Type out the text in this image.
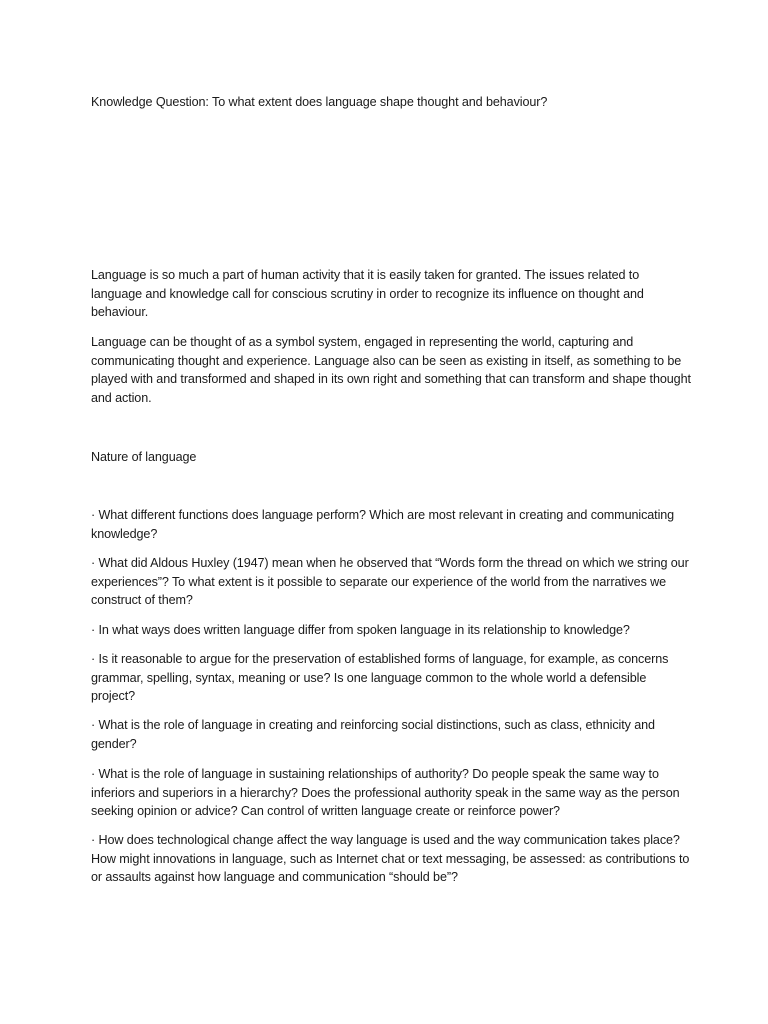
Knowledge Question: To what extent does language shape thought and behaviour?

Language is so much a part of human activity that it is easily taken for granted. The issues related to language and knowledge call for conscious scrutiny in order to recognize its influence on thought and behaviour.

Language can be thought of as a symbol system, engaged in representing the world, capturing and communicating thought and experience. Language also can be seen as existing in itself, as something to be played with and transformed and shaped in its own right and something that can transform and shape thought and action.

Nature of language

· What different functions does language perform? Which are most relevant in creating and communicating knowledge?

· What did Aldous Huxley (1947) mean when he observed that “Words form the thread on which we string our experiences”? To what extent is it possible to separate our experience of the world from the narratives we construct of them?

· In what ways does written language differ from spoken language in its relationship to knowledge?

· Is it reasonable to argue for the preservation of established forms of language, for example, as concerns grammar, spelling, syntax, meaning or use? Is one language common to the whole world a defensible project?

· What is the role of language in creating and reinforcing social distinctions, such as class, ethnicity and gender?

· What is the role of language in sustaining relationships of authority? Do people speak the same way to inferiors and superiors in a hierarchy? Does the professional authority speak in the same way as the person seeking opinion or advice? Can control of written language create or reinforce power?

· How does technological change affect the way language is used and the way communication takes place? How might innovations in language, such as Internet chat or text messaging, be assessed: as contributions to or assaults against how language and communication “should be”?
